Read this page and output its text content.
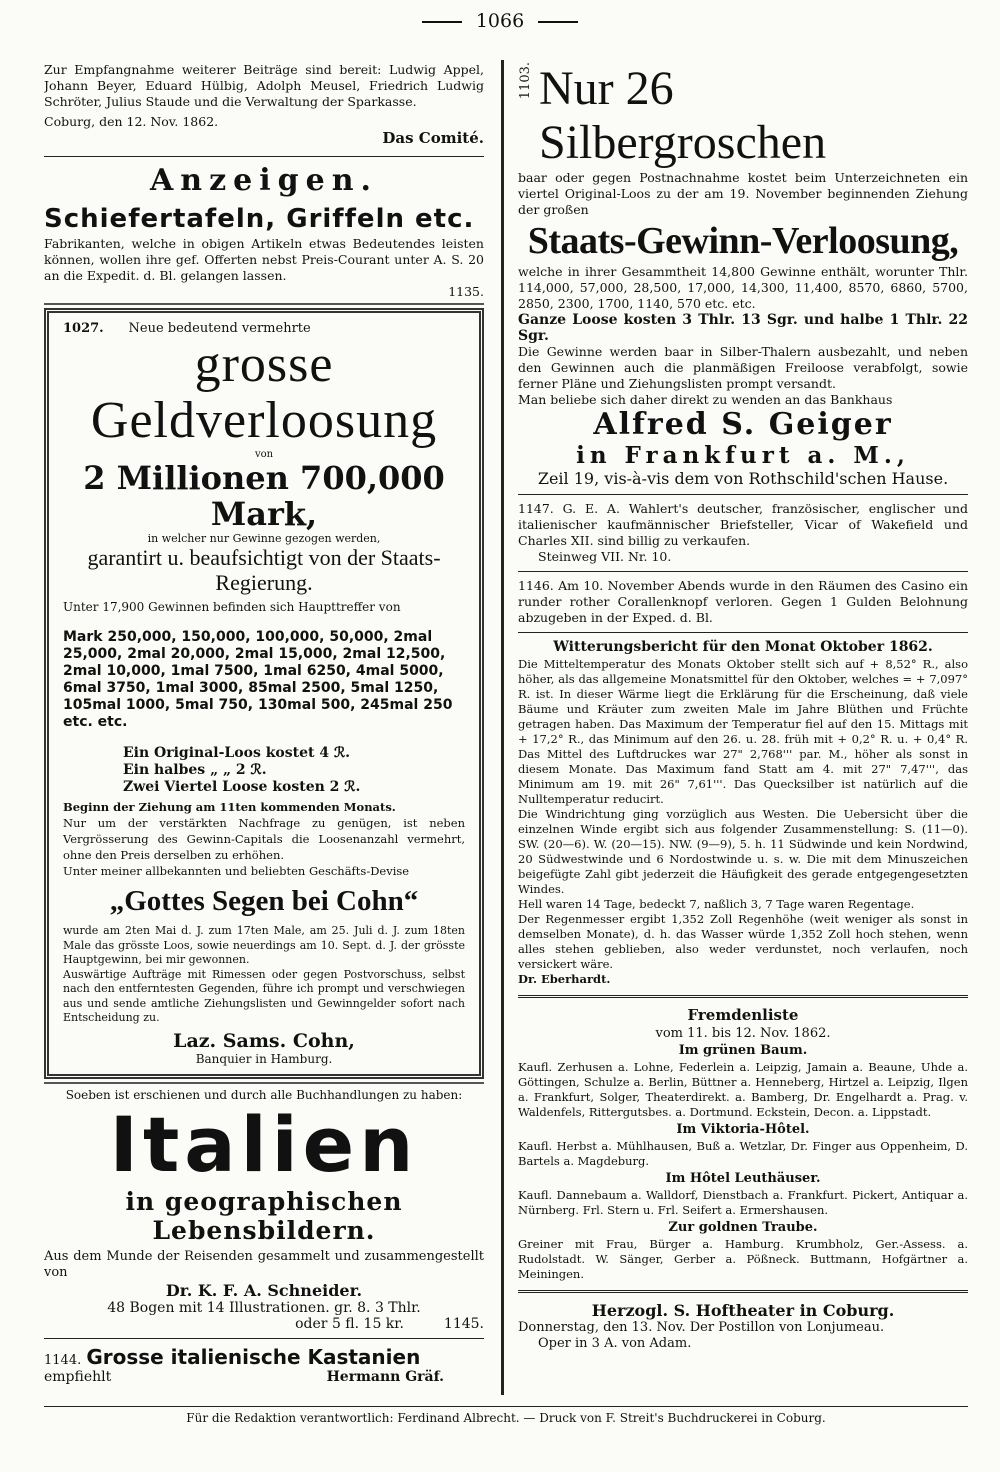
1066

Zur Empfangnahme weiterer Beiträge sind bereit: Ludwig Appel, Johann Beyer, Eduard Hülbig, Adolph Meusel, Friedrich Ludwig Schröter, Julius Staude und die Verwaltung der Sparkasse.

Coburg, den 12. Nov. 1862.

Das Comité.

Anzeigen.
Schiefertafeln, Griffeln etc.

Fabrikanten, welche in obigen Artikeln etwas Bedeutendes leisten können, wollen ihre gef. Offerten nebst Preis-Courant unter A. S. 20 an die Expedit. d. Bl. gelangen lassen.

1135.

1027. Neue bedeutend vermehrte
grosse Geldverloosung
von
2 Millionen 700,000 Mark,
in welcher nur Gewinne gezogen werden,
garantirt u. beaufsichtigt von der Staats-Regierung.

Unter 17,900 Gewinnen befinden sich Haupttreffer von

Mark 250,000, 150,000, 100,000, 50,000, 2mal 25,000, 2mal 20,000, 2mal 15,000, 2mal 12,500, 2mal 10,000, 1mal 7500, 1mal 6250, 4mal 5000, 6mal 3750, 1mal 3000, 85mal 2500, 5mal 1250, 105mal 1000, 5mal 750, 130mal 500, 245mal 250 etc. etc.

Ein Original-Loos kostet 4 ℛ.
Ein halbes „ „ 2 ℛ.
Zwei Viertel Loose kosten 2 ℛ.

Beginn der Ziehung am 11ten kommenden Monats.

Nur um der verstärkten Nachfrage zu genügen, ist neben Vergrösserung des Gewinn-Capitals die Loosenanzahl vermehrt, ohne den Preis derselben zu erhöhen.

Unter meiner allbekannten und beliebten Geschäfts-Devise

„Gottes Segen bei Cohn“

wurde am 2ten Mai d. J. zum 17ten Male, am 25. Juli d. J. zum 18ten Male das grösste Loos, sowie neuerdings am 10. Sept. d. J. der grösste Hauptgewinn, bei mir gewonnen.

Auswärtige Aufträge mit Rimessen oder gegen Postvorschuss, selbst nach den entferntesten Gegenden, führe ich prompt und verschwiegen aus und sende amtliche Ziehungslisten und Gewinngelder sofort nach Entscheidung zu.

Laz. Sams. Cohn,
Banquier in Hamburg.

Soeben ist erschienen und durch alle Buchhandlungen zu haben:

Italien
in geographischen Lebensbildern.

Aus dem Munde der Reisenden gesammelt und zusammengestellt von

Dr. K. F. A. Schneider.

48 Bogen mit 14 Illustrationen. gr. 8. 3 Thlr.

oder 5 fl. 15 kr.	1145.
1144. Grosse italienische Kastanien
empfiehlt	Hermann Gräf.
1103. Nur 26 Silbergroschen

baar oder gegen Postnachnahme kostet beim Unterzeichneten ein viertel Original-Loos zu der am 19. November beginnenden Ziehung der großen

Staats-Gewinn-Verloosung,

welche in ihrer Gesammtheit 14,800 Gewinne enthält, worunter Thlr. 114,000, 57,000, 28,500, 17,000, 14,300, 11,400, 8570, 6860, 5700, 2850, 2300, 1700, 1140, 570 etc. etc.

Ganze Loose kosten 3 Thlr. 13 Sgr. und halbe 1 Thlr. 22 Sgr.

Die Gewinne werden baar in Silber-Thalern ausbezahlt, und neben den Gewinnen auch die planmäßigen Freiloose verabfolgt, sowie ferner Pläne und Ziehungslisten prompt versandt.

Man beliebe sich daher direkt zu wenden an das Bankhaus

Alfred S. Geiger
in Frankfurt a. M.,
Zeil 19, vis-à-vis dem von Rothschild'schen Hause.

1147. G. E. A. Wahlert's deutscher, französischer, englischer und italienischer kaufmännischer Briefsteller, Vicar of Wakefield und Charles XII. sind billig zu verkaufen.

Steinweg VII. Nr. 10.

1146. Am 10. November Abends wurde in den Räumen des Casino ein runder rother Corallenknopf verloren. Gegen 1 Gulden Belohnung abzugeben in der Exped. d. Bl.

Witterungsbericht für den Monat Oktober 1862.

Die Mitteltemperatur des Monats Oktober stellt sich auf + 8,52° R., also höher, als das allgemeine Monatsmittel für den Oktober, welches = + 7,097° R. ist. In dieser Wärme liegt die Erklärung für die Erscheinung, daß viele Bäume und Kräuter zum zweiten Male im Jahre Blüthen und Früchte getragen haben. Das Maximum der Temperatur fiel auf den 15. Mittags mit + 17,2° R., das Minimum auf den 26. u. 28. früh mit + 0,2° R. u. + 0,4° R. Das Mittel des Luftdruckes war 27" 2,768''' par. M., höher als sonst in diesem Monate. Das Maximum fand Statt am 4. mit 27" 7,47''', das Minimum am 19. mit 26" 7,61'''. Das Quecksilber ist natürlich auf die Nulltemperatur reducirt.

Die Windrichtung ging vorzüglich aus Westen. Die Uebersicht über die einzelnen Winde ergibt sich aus folgender Zusammenstellung: S. (11—0). SW. (20—6). W. (20—15). NW. (9—9), 5. h. 11 Südwinde und kein Nordwind, 20 Südwestwinde und 6 Nordostwinde u. s. w. Die mit dem Minuszeichen beigefügte Zahl gibt jederzeit die Häufigkeit des gerade entgegengesetzten Windes.

Hell waren 14 Tage, bedeckt 7, naßlich 3, 7 Tage waren Regentage.

Der Regenmesser ergibt 1,352 Zoll Regenhöhe (weit weniger als sonst in demselben Monate), d. h. das Wasser würde 1,352 Zoll hoch stehen, wenn alles stehen geblieben, also weder verdunstet, noch verlaufen, noch versickert wäre.

Dr. Eberhardt.

Fremdenliste
vom 11. bis 12. Nov. 1862.
Im grünen Baum.

Kaufl. Zerhusen a. Lohne, Federlein a. Leipzig, Jamain a. Beaune, Uhde a. Göttingen, Schulze a. Berlin, Büttner a. Henneberg, Hirtzel a. Leipzig, Ilgen a. Frankfurt, Solger, Theaterdirekt. a. Bamberg, Dr. Engelhardt a. Prag. v. Waldenfels, Rittergutsbes. a. Dortmund. Eckstein, Decon. a. Lippstadt.

Im Viktoria-Hôtel.

Kaufl. Herbst a. Mühlhausen, Buß a. Wetzlar, Dr. Finger aus Oppenheim, D. Bartels a. Magdeburg.

Im Hôtel Leuthäuser.

Kaufl. Dannebaum a. Walldorf, Dienstbach a. Frankfurt. Pickert, Antiquar a. Nürnberg. Frl. Stern u. Frl. Seifert a. Ermershausen.

Zur goldnen Traube.

Greiner mit Frau, Bürger a. Hamburg. Krumbholz, Ger.-Assess. a. Rudolstadt. W. Sänger, Gerber a. Pößneck. Buttmann, Hofgärtner a. Meiningen.

Herzogl. S. Hoftheater in Coburg.

Donnerstag, den 13. Nov. Der Postillon von Lonjumeau.

Oper in 3 A. von Adam.

Für die Redaktion verantwortlich: Ferdinand Albrecht. — Druck von F. Streit's Buchdruckerei in Coburg.
